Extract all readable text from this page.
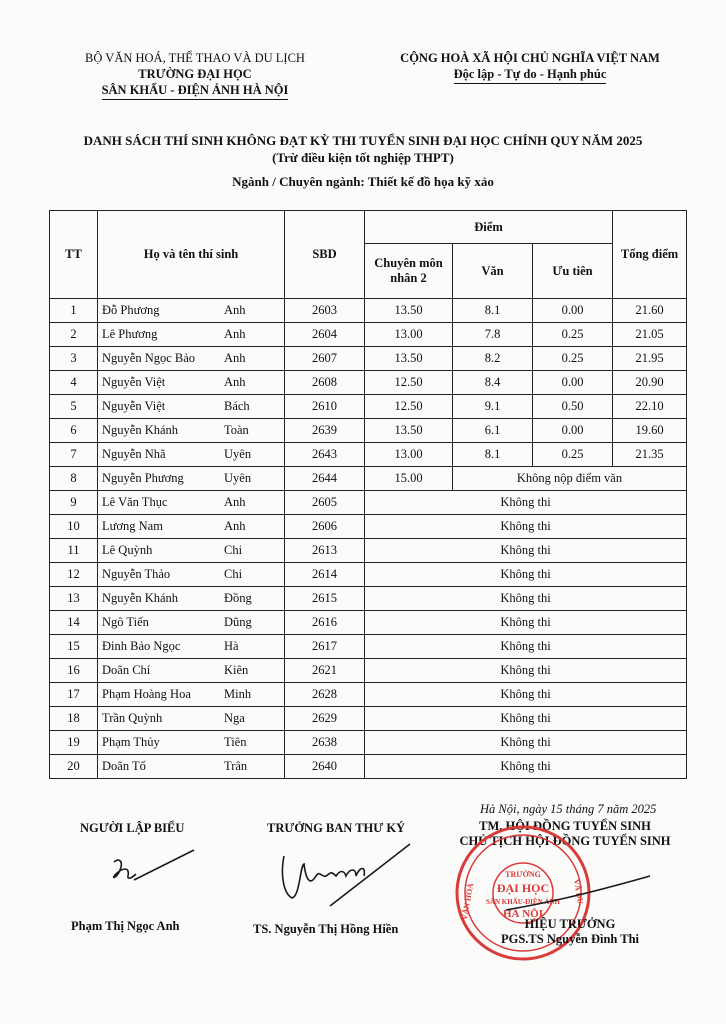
BỘ VĂN HOÁ, THỂ THAO VÀ DU LỊCH
TRƯỜNG ĐẠI HỌC
SÂN KHẤU - ĐIỆN ẢNH HÀ NỘI
CỘNG HOÀ XÃ HỘI CHỦ NGHĨA VIỆT NAM
Độc lập - Tự do - Hạnh phúc
DANH SÁCH THÍ SINH KHÔNG ĐẠT KỲ THI TUYỂN SINH ĐẠI HỌC CHÍNH QUY NĂM 2025
(Trừ điều kiện tốt nghiệp THPT)
Ngành / Chuyên ngành: Thiết kế đồ họa kỹ xảo
TT	Họ và tên thí sinh	SBD	Điểm			Tổng điểm
			Chuyên môn nhân 2	Văn	Ưu tiên	
1	Đỗ Phương Anh	2603	13.50	8.1	0.00	21.60
2	Lê Phương Anh	2604	13.00	7.8	0.25	21.05
3	Nguyễn Ngọc Bảo Anh	2607	13.50	8.2	0.25	21.95
4	Nguyễn Việt Anh	2608	12.50	8.4	0.00	20.90
5	Nguyễn Việt Bách	2610	12.50	9.1	0.50	22.10
6	Nguyễn Khánh Toàn	2639	13.50	6.1	0.00	19.60
7	Nguyễn Nhã Uyên	2643	13.00	8.1	0.25	21.35
8	Nguyễn Phương Uyên	2644	15.00	Không nộp điểm văn		
9	Lê Văn Thục Anh	2605	Không thi			
10	Lương Nam Anh	2606	Không thi			
11	Lê Quỳnh Chi	2613	Không thi			
12	Nguyễn Thảo Chi	2614	Không thi			
13	Nguyễn Khánh Đồng	2615	Không thi			
14	Ngô Tiến Dũng	2616	Không thi			
15	Đinh Bảo Ngọc Hà	2617	Không thi			
16	Doãn Chí Kiên	2621	Không thi			
17	Phạm Hoàng Hoa Minh	2628	Không thi			
18	Trần Quỳnh Nga	2629	Không thi			
19	Phạm Thủy Tiên	2638	Không thi			
20	Doãn Tố Trân	2640	Không thi			
Hà Nội, ngày 15 tháng 7 năm 2025
NGƯỜI LẬP BIỂU	TRƯỞNG BAN THƯ KÝ	TM. HỘI ĐỒNG TUYỂN SINH
CHỦ TỊCH HỘI ĐỒNG TUYỂN SINH
TRƯỜNG
ĐẠI HỌC
SÂN KHẤU-ĐIỆN ẢNH
HÀ NỘI
VĂN HOÁ	VÀ DU
Phạm Thị Ngọc Anh	TS. Nguyễn Thị Hồng Hiền	HIỆU TRƯỞNG
PGS.TS Nguyễn Đình Thi
